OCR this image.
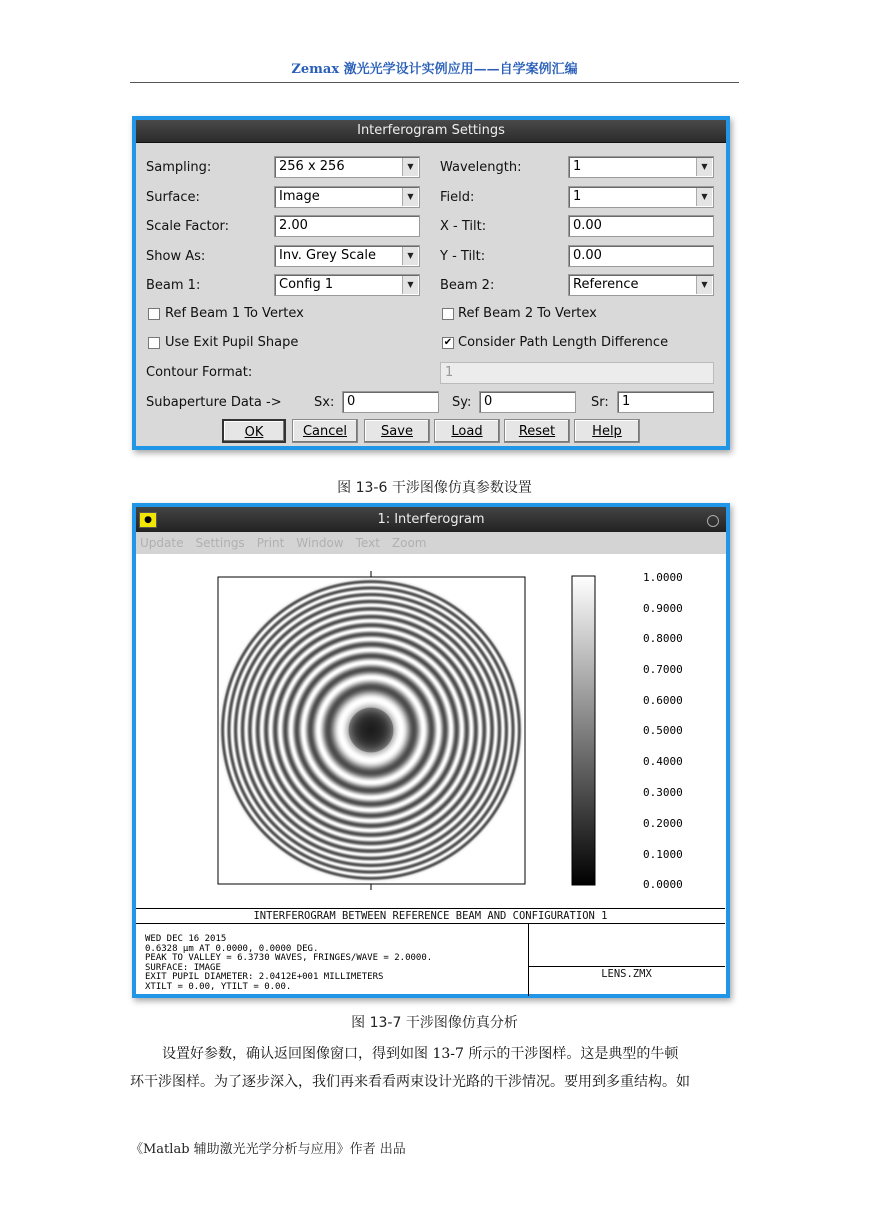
Zemax 激光光学设计实例应用——自学案例汇编
Interferogram Settings
Sampling:	256 x 256	▼	Wavelength:	1	▼
Surface:	Image	▼	Field:	1	▼
Scale Factor:	2.00	X - Tilt:	0.00
Show As:	Inv. Grey Scale	▼	Y - Tilt:	0.00
Beam 1:	Config 1	▼	Beam 2:	Reference	▼
Ref Beam 1 To Vertex	Ref Beam 2 To Vertex
Use Exit Pupil Shape	✔ Consider Path Length Difference
Contour Format:	1
Subaperture Data -> Sx: 0	Sy: 0	Sr:	1
OK	Cancel	Save	Load	Reset	Help
图 13-6 干涉图像仿真参数设置
1: Interferogram
●
Update Settings Print Window Text Zoom
1.0000
0.9000
0.8000
0.7000
0.6000
0.5000
0.4000
0.3000
0.2000
0.1000
0.0000
INTERFEROGRAM BETWEEN REFERENCE BEAM AND CONFIGURATION 1
WED DEC 16 2015
0.6328 µm AT 0.0000, 0.0000 DEG.
PEAK TO VALLEY = 6.3730 WAVES, FRINGES/WAVE = 2.0000.
SURFACE: IMAGE
EXIT PUPIL DIAMETER: 2.0412E+001 MILLIMETERS
XTILT = 0.00, YTILT = 0.00.
LENS.ZMX
图 13-7 干涉图像仿真分析
设置好参数，确认返回图像窗口，得到如图 13-7 所示的干涉图样。这是典型的牛顿
环干涉图样。为了逐步深入，我们再来看看两束设计光路的干涉情况。要用到多重结构。如
《Matlab 辅助激光光学分析与应用》作者 出品
